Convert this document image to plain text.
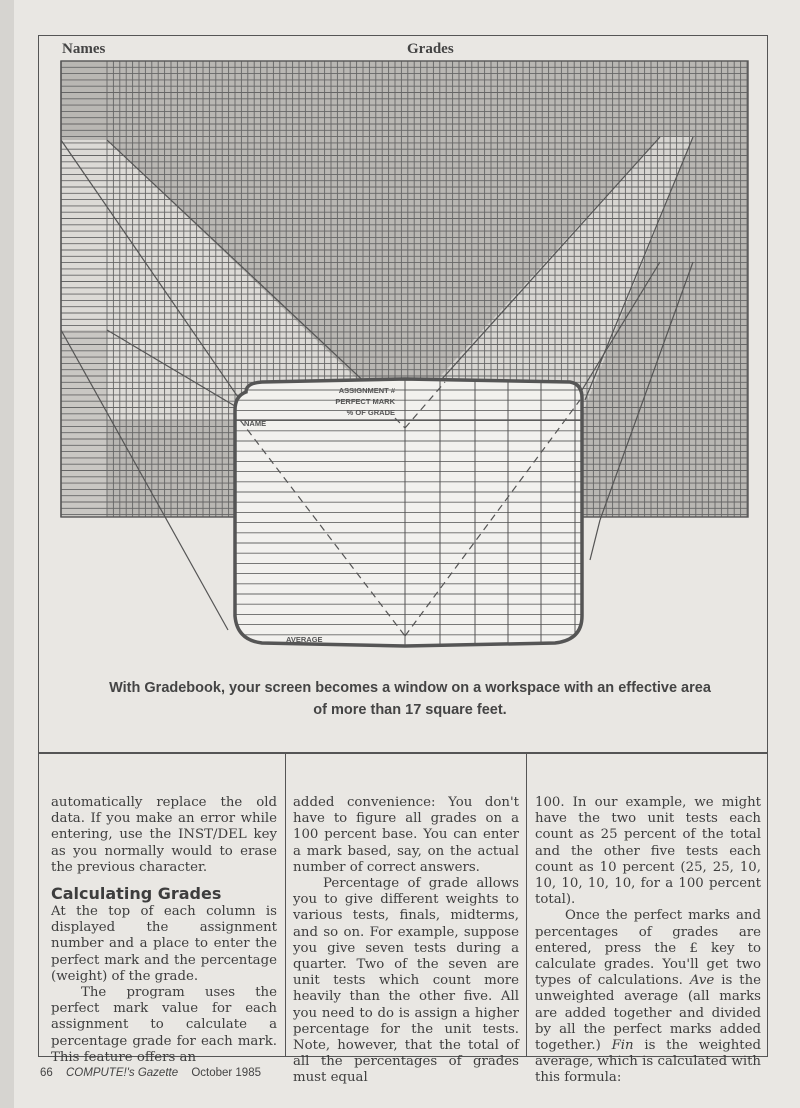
ASSIGNMENT #
PERFECT MARK
% OF GRADE
NAME
AVERAGE
Names	Grades
With Gradebook, your screen becomes a window on a workspace with an effective area
of more than 17 square feet.

automatically replace the old data. If you make an error while entering, use the INST/DEL key as you normally would to erase the previous character.

Calculating Grades

At the top of each column is displayed the assignment number and a place to enter the perfect mark and the percentage (weight) of the grade.

The program uses the perfect mark value for each assignment to calculate a percentage grade for each mark. This feature offers an

added convenience: You don't have to figure all grades on a 100 percent base. You can enter a mark based, say, on the actual number of correct answers.

Percentage of grade allows you to give different weights to various tests, finals, midterms, and so on. For example, suppose you give seven tests during a quarter. Two of the seven are unit tests which count more heavily than the other five. All you need to do is assign a higher percentage for the unit tests. Note, however, that the total of all the percentages of grades must equal

100. In our example, we might have the two unit tests each count as 25 percent of the total and the other five tests each count as 10 percent (25, 25, 10, 10, 10, 10, 10, for a 100 percent total).

Once the perfect marks and percentages of grades are entered, press the £ key to calculate grades. You'll get two types of calculations. Ave is the unweighted average (all marks are added together and divided by all the perfect marks added together.) Fin is the weighted average, which is calculated with this formula:

66 COMPUTE!'s Gazette October 1985
